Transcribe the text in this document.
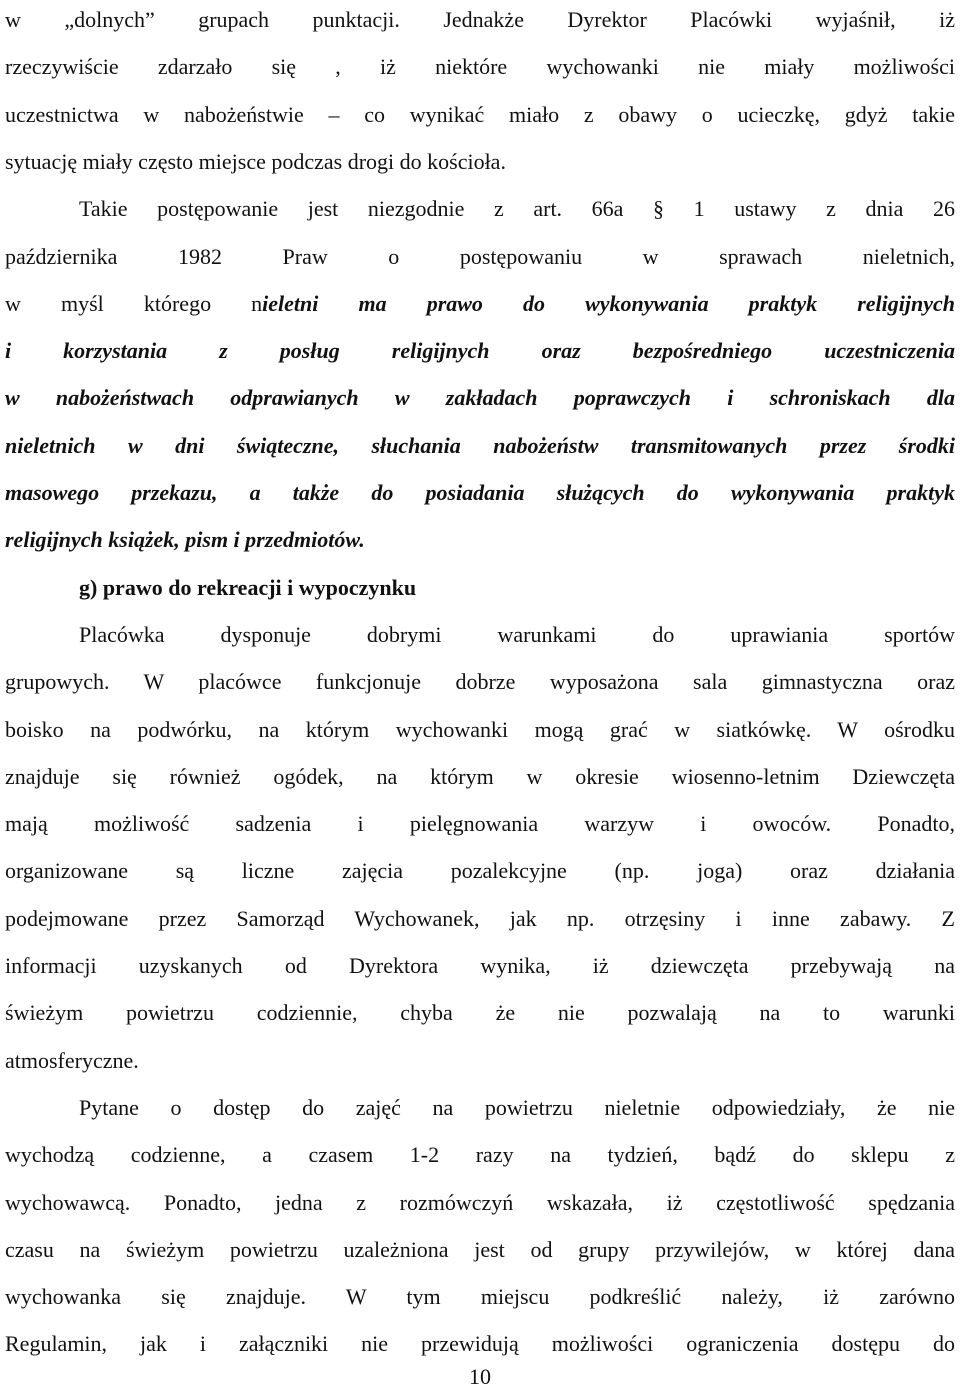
w „dolnych” grupach punktacji. Jednakże Dyrektor Placówki wyjaśnił, iż
rzeczywiście zdarzało się , iż niektóre wychowanki nie miały możliwości
uczestnictwa w nabożeństwie – co wynikać miało z obawy o ucieczkę, gdyż takie
sytuację miały często miejsce podczas drogi do kościoła.
Takie postępowanie jest niezgodnie z art. 66a § 1 ustawy z dnia 26
października 1982 Praw o postępowaniu w sprawach nieletnich,
w myśl którego nieletni ma prawo do wykonywania praktyk religijnych
i korzystania z posług religijnych oraz bezpośredniego uczestniczenia
w nabożeństwach odprawianych w zakładach poprawczych i schroniskach dla
nieletnich w dni świąteczne, słuchania nabożeństw transmitowanych przez środki
masowego przekazu, a także do posiadania służących do wykonywania praktyk
religijnych książek, pism i przedmiotów.
g) prawo do rekreacji i wypoczynku
Placówka dysponuje dobrymi warunkami do uprawiania sportów
grupowych. W placówce funkcjonuje dobrze wyposażona sala gimnastyczna oraz
boisko na podwórku, na którym wychowanki mogą grać w siatkówkę. W ośrodku
znajduje się również ogódek, na którym w okresie wiosenno-letnim Dziewczęta
mają możliwość sadzenia i pielęgnowania warzyw i owoców. Ponadto,
organizowane są liczne zajęcia pozalekcyjne (np. joga) oraz działania
podejmowane przez Samorząd Wychowanek, jak np. otrzęsiny i inne zabawy. Z
informacji uzyskanych od Dyrektora wynika, iż dziewczęta przebywają na
świeżym powietrzu codziennie, chyba że nie pozwalają na to warunki
atmosferyczne.
Pytane o dostęp do zajęć na powietrzu nieletnie odpowiedziały, że nie
wychodzą codzienne, a czasem 1-2 razy na tydzień, bądź do sklepu z
wychowawcą. Ponadto, jedna z rozmówczyń wskazała, iż częstotliwość spędzania
czasu na świeżym powietrzu uzależniona jest od grupy przywilejów, w której dana
wychowanka się znajduje. W tym miejscu podkreślić należy, iż zarówno
Regulamin, jak i załączniki nie przewidują możliwości ograniczenia dostępu do
10
